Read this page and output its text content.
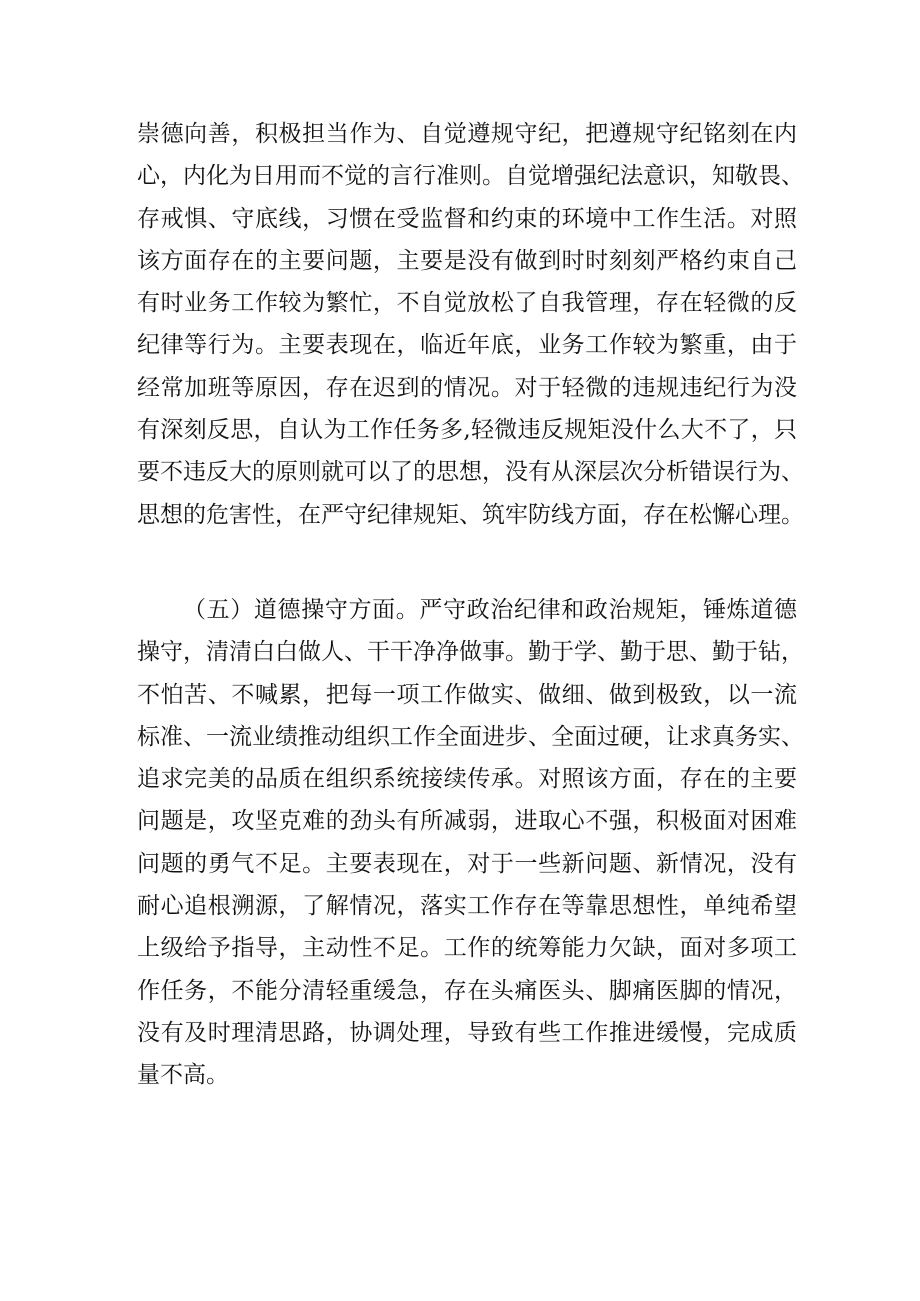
崇德向善，积极担当作为、自觉遵规守纪，把遵规守纪铭刻在内
心，内化为日用而不觉的言行准则。自觉增强纪法意识，知敬畏、
存戒惧、守底线，习惯在受监督和约束的环境中工作生活。对照
该方面存在的主要问题，主要是没有做到时时刻刻严格约束自己
有时业务工作较为繁忙，不自觉放松了自我管理，存在轻微的反
纪律等行为。主要表现在，临近年底，业务工作较为繁重，由于
经常加班等原因，存在迟到的情况。对于轻微的违规违纪行为没
有深刻反思，自认为工作任务多,轻微违反规矩没什么大不了，只
要不违反大的原则就可以了的思想，没有从深层次分析错误行为、
思想的危害性，在严守纪律规矩、筑牢防线方面，存在松懈心理。
（五）道德操守方面。严守政治纪律和政治规矩，锤炼道德
操守，清清白白做人、干干净净做事。勤于学、勤于思、勤于钻，
不怕苦、不喊累，把每一项工作做实、做细、做到极致，以一流
标准、一流业绩推动组织工作全面进步、全面过硬，让求真务实、
追求完美的品质在组织系统接续传承。对照该方面，存在的主要
问题是，攻坚克难的劲头有所减弱，进取心不强，积极面对困难
问题的勇气不足。主要表现在，对于一些新问题、新情况，没有
耐心追根溯源，了解情况，落实工作存在等靠思想性，单纯希望
上级给予指导，主动性不足。工作的统筹能力欠缺，面对多项工
作任务，不能分清轻重缓急，存在头痛医头、脚痛医脚的情况，
没有及时理清思路，协调处理，导致有些工作推进缓慢，完成质
量不高。
